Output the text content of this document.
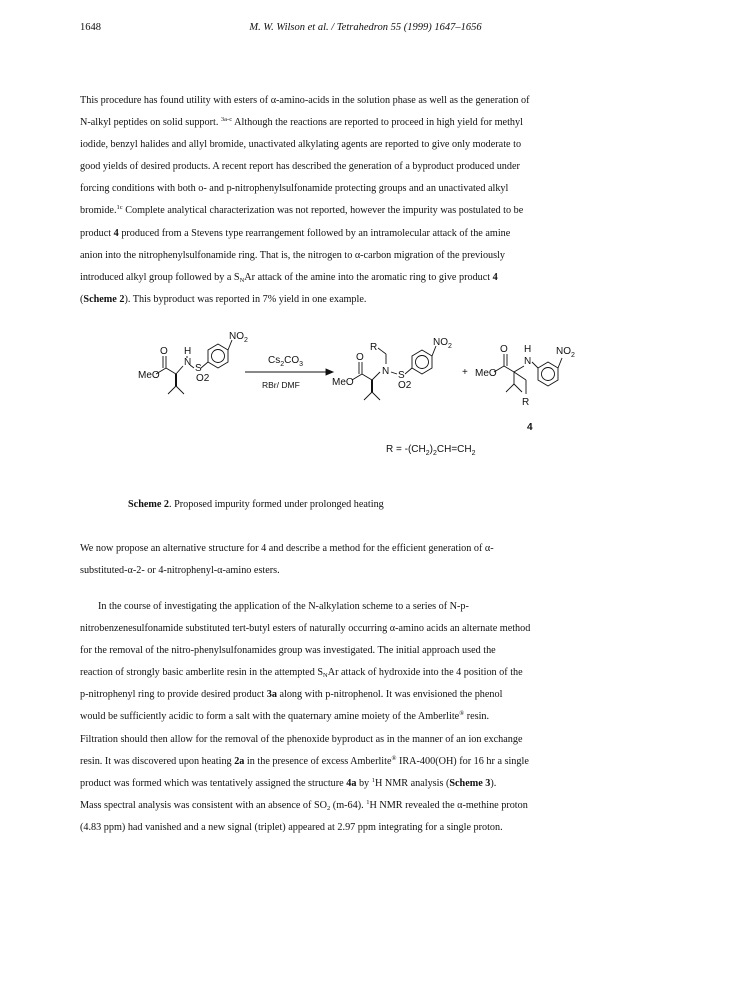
1648	M. W. Wilson et al. / Tetrahedron 55 (1999) 1647–1656
This procedure has found utility with esters of α-amino-acids in the solution phase as well as the generation of
N-alkyl peptides on solid support. $^{3a-c}$ Although the reactions are reported to proceed in high yield for methyl
iodide, benzyl halides and allyl bromide, unactivated alkylating agents are reported to give only moderate to
good yields of desired products. A recent report has described the generation of a byproduct produced under
forcing conditions with both o- and p-nitrophenylsulfonamide protecting groups and an unactivated alkyl
bromide.$^{1c}$ Complete analytical characterization was not reported, however the impurity was postulated to be
product 4 produced from a Stevens type rearrangement followed by an intramolecular attack of the amine
anion into the nitrophenylsulfonamide ring. That is, the nitrogen to α-carbon migration of the previously
introduced alkyl group followed by a $S_NAr$ attack of the amine into the aromatic ring to give product 4
(Scheme 2). This byproduct was reported in 7% yield in one example.
$NO_2$
S
O2
N
H
O
MeO
$Cs_2CO_3$
RBr/ DMF
R
N
$NO_2$
S
O2
O
MeO
+ MeO
O
N
H $NO_2$
R
4
$R = -(CH_2)_2CH=CH_2$
Scheme 2. Proposed impurity formed under prolonged heating
We now propose an alternative structure for 4 and describe a method for the efficient generation of α-
substituted-α-2- or 4-nitrophenyl-α-amino esters.
In the course of investigating the application of the N-alkylation scheme to a series of N-p-
nitrobenzenesulfonamide substituted tert-butyl esters of naturally occurring α-amino acids an alternate method
for the removal of the nitro-phenylsulfonamides group was investigated. The initial approach used the
reaction of strongly basic amberlite resin in the attempted $S_NAr$ attack of hydroxide into the 4 position of the
p-nitrophenyl ring to provide desired product 3a along with p-nitrophenol. It was envisioned the phenol
would be sufficiently acidic to form a salt with the quaternary amine moiety of the Amberlite® resin.
Filtration should then allow for the removal of the phenoxide byproduct as in the manner of an ion exchange
resin. It was discovered upon heating 2a in the presence of excess Amberlite® IRA-400(OH) for 16 hr a single
product was formed which was tentatively assigned the structure 4a by $^1$H NMR analysis (Scheme 3).
Mass spectral analysis was consistent with an absence of $SO_2$ (m-64). $^1$H NMR revealed the α-methine proton
(4.83 ppm) had vanished and a new signal (triplet) appeared at 2.97 ppm integrating for a single proton.
